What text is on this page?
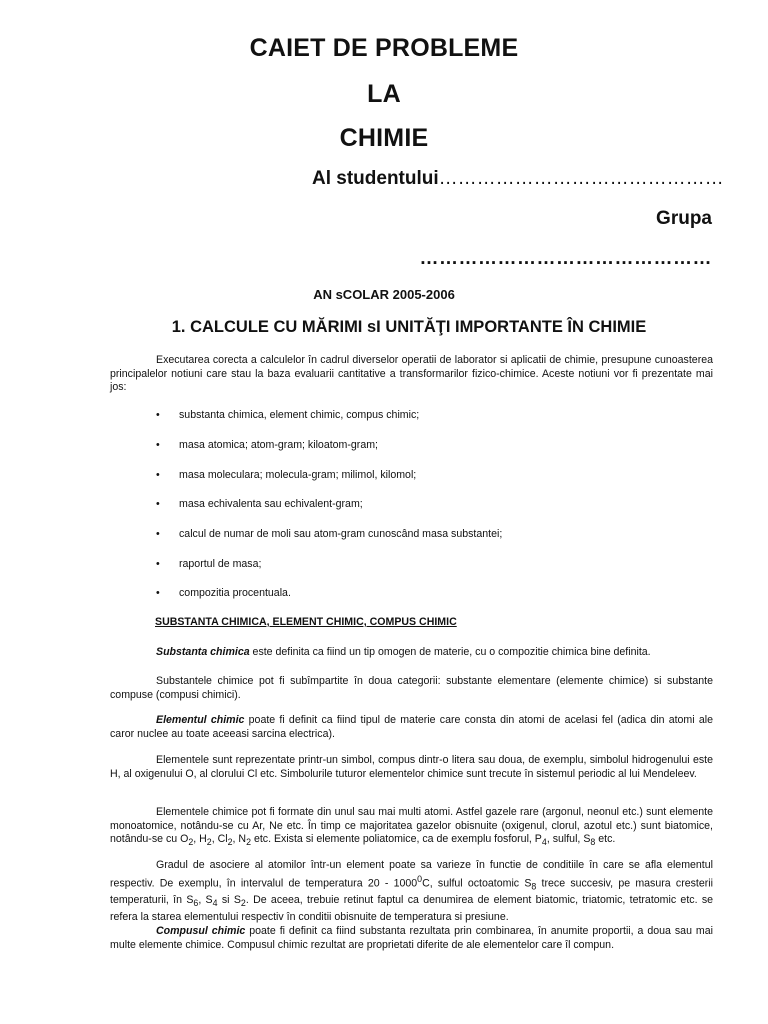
CAIET DE PROBLEME
LA
CHIMIE
Al studentului………………………………………
Grupa
………………………………………
AN sCOLAR 2005-2006
1. CALCULE CU MĂRIMI sI UNITĂŢI IMPORTANTE ÎN CHIMIE
Executarea corecta a calculelor în cadrul diverselor operatii de laborator si aplicatii de chimie, presupune cunoasterea principalelor notiuni care stau la baza evaluarii cantitative a transformarilor fizico-chimice. Aceste notiuni vor fi prezentate mai jos:
• substanta chimica, element chimic, compus chimic;
• masa atomica; atom-gram; kiloatom-gram;
• masa moleculara; molecula-gram; milimol, kilomol;
• masa echivalenta sau echivalent-gram;
• calcul de numar de moli sau atom-gram cunoscând masa substantei;
• raportul de masa;
• compozitia procentuala.
SUBSTANTA CHIMICA, ELEMENT CHIMIC, COMPUS CHIMIC
Substanta chimica este definita ca fiind un tip omogen de materie, cu o compozitie chimica bine definita.
Substantele chimice pot fi subîmpartite în doua categorii: substante elementare (elemente chimice) si substante compuse (compusi chimici).
Elementul chimic poate fi definit ca fiind tipul de materie care consta din atomi de acelasi fel (adica din atomi ale caror nuclee au toate aceeasi sarcina electrica).
Elementele sunt reprezentate printr-un simbol, compus dintr-o litera sau doua, de exemplu, simbolul hidrogenului este H, al oxigenului O, al clorului Cl etc. Simbolurile tuturor elementelor chimice sunt trecute în sistemul periodic al lui Mendeleev.
Elementele chimice pot fi formate din unul sau mai multi atomi. Astfel gazele rare (argonul, neonul etc.) sunt elemente monoatomice, notându-se cu Ar, Ne etc. În timp ce majoritatea gazelor obisnuite (oxigenul, clorul, azotul etc.) sunt biatomice, notându-se cu $O_2$, $H_2$, $Cl_2$, $N_2$ etc. Exista si elemente poliatomice, ca de exemplu fosforul, $P_4$, sulful, $S_8$ etc.
Gradul de asociere al atomilor într-un element poate sa varieze în functie de conditiile în care se afla elementul respectiv. De exemplu, în intervalul de temperatura 20 - 1000$^0$C, sulful octoatomic $S_8$ trece succesiv, pe masura cresterii temperaturii, în $S_6$, $S_4$ si $S_2$. De aceea, trebuie retinut faptul ca denumirea de element biatomic, triatomic, tetratomic etc. se refera la starea elementului respectiv în conditii obisnuite de temperatura si presiune.
Compusul chimic poate fi definit ca fiind substanta rezultata prin combinarea, în anumite proportii, a doua sau mai multe elemente chimice. Compusul chimic rezultat are proprietati diferite de ale elementelor care îl compun.
